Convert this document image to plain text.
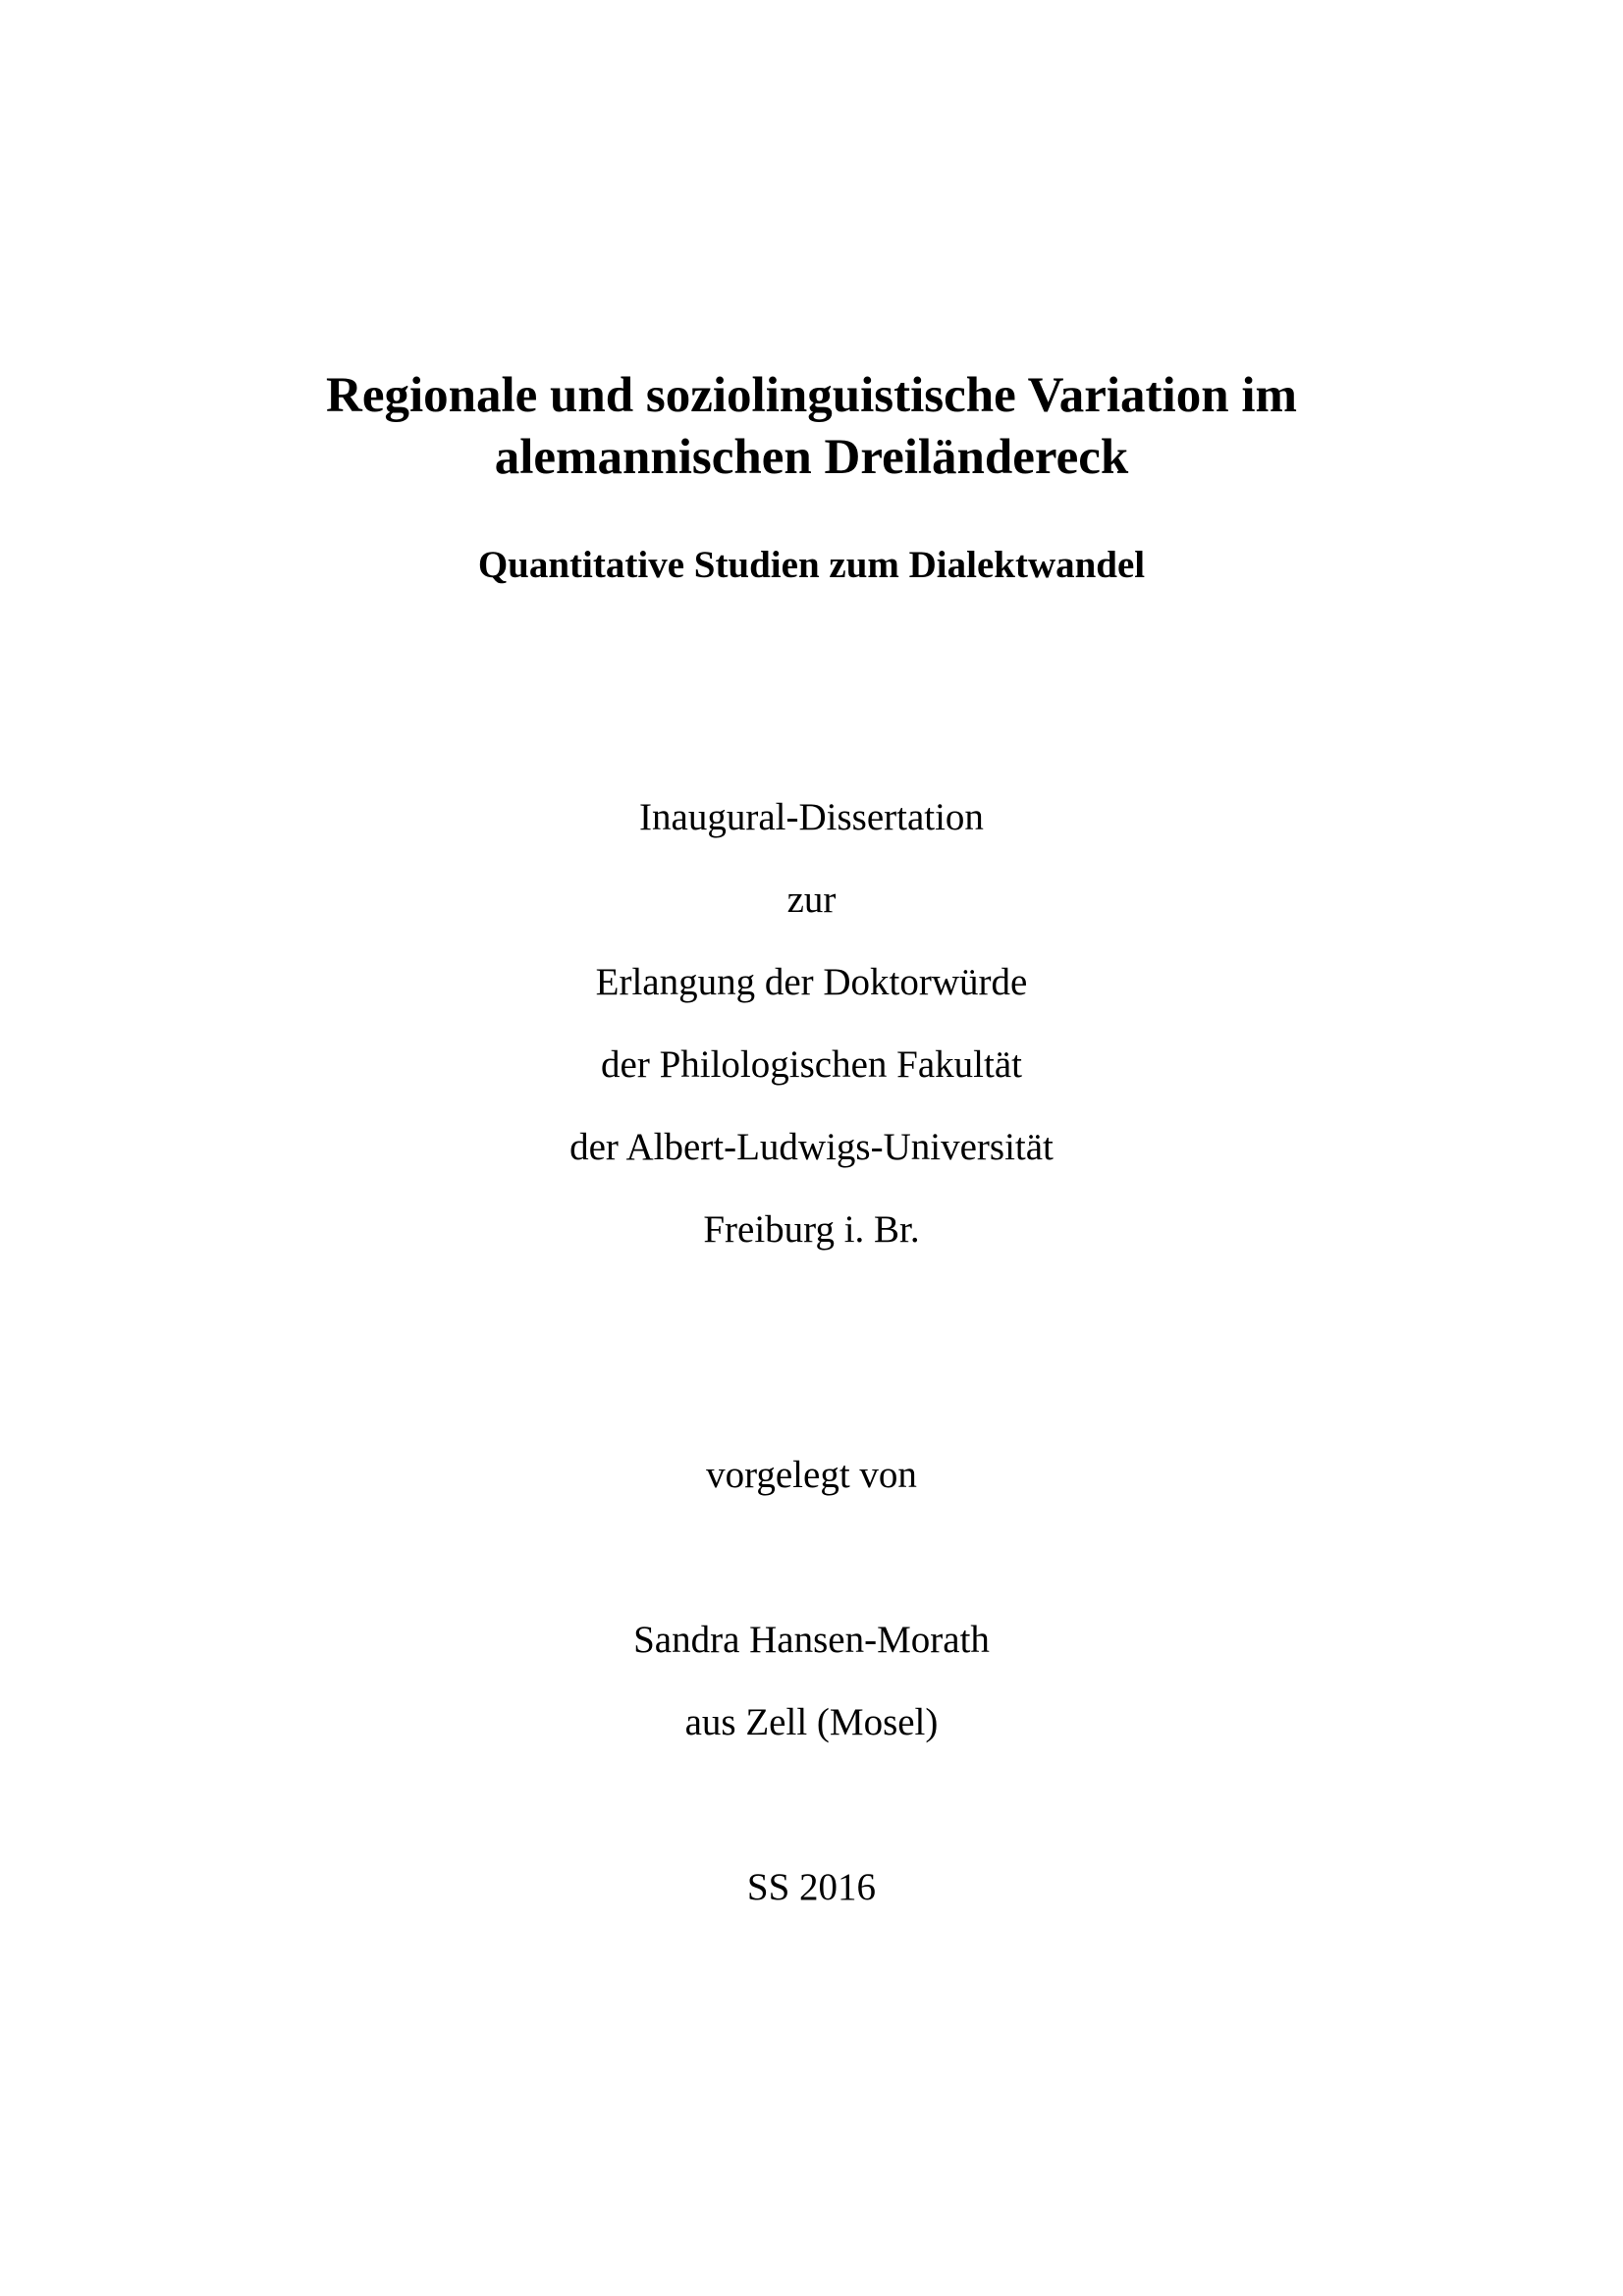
Regionale und soziolinguistische Variation im
alemannischen Dreiländereck
Quantitative Studien zum Dialektwandel
Inaugural-Dissertation
zur
Erlangung der Doktorwürde
der Philologischen Fakultät
der Albert-Ludwigs-Universität
Freiburg i. Br.
vorgelegt von
Sandra Hansen-Morath
aus Zell (Mosel)
SS 2016
